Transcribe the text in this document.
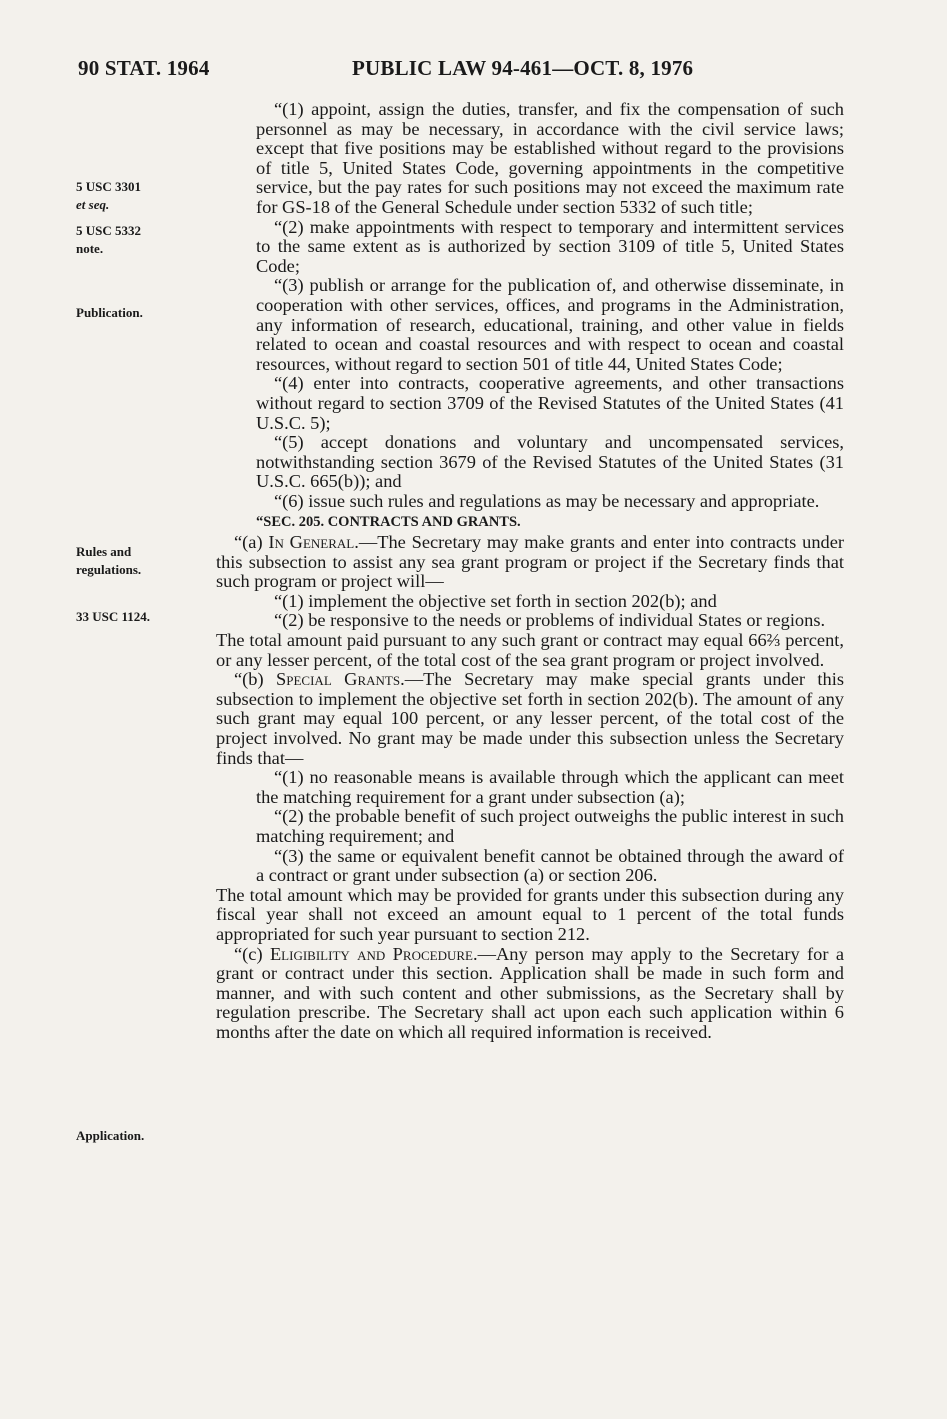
90 STAT. 1964	PUBLIC LAW 94-461—OCT. 8, 1976
5 USC 3301
et seq.
5 USC 5332
note.
Publication.
Rules and
regulations.
33 USC 1124.
Application.

“(1) appoint, assign the duties, transfer, and fix the compensation of such personnel as may be necessary, in accordance with the civil service laws; except that five positions may be established without regard to the provisions of title 5, United States Code, governing appointments in the competitive service, but the pay rates for such positions may not exceed the maximum rate for GS-18 of the General Schedule under section 5332 of such title;

“(2) make appointments with respect to temporary and intermittent services to the same extent as is authorized by section 3109 of title 5, United States Code;

“(3) publish or arrange for the publication of, and otherwise disseminate, in cooperation with other services, offices, and programs in the Administration, any information of research, educational, training, and other value in fields related to ocean and coastal resources and with respect to ocean and coastal resources, without regard to section 501 of title 44, United States Code;

“(4) enter into contracts, cooperative agreements, and other transactions without regard to section 3709 of the Revised Statutes of the United States (41 U.S.C. 5);

“(5) accept donations and voluntary and uncompensated services, notwithstanding section 3679 of the Revised Statutes of the United States (31 U.S.C. 665(b)); and

“(6) issue such rules and regulations as may be necessary and appropriate.

“SEC. 205. CONTRACTS AND GRANTS.

“(a) In General.—The Secretary may make grants and enter into contracts under this subsection to assist any sea grant program or project if the Secretary finds that such program or project will—

“(1) implement the objective set forth in section 202(b); and

“(2) be responsive to the needs or problems of individual States or regions.

The total amount paid pursuant to any such grant or contract may equal 66⅔ percent, or any lesser percent, of the total cost of the sea grant program or project involved.

“(b) Special Grants.—The Secretary may make special grants under this subsection to implement the objective set forth in section 202(b). The amount of any such grant may equal 100 percent, or any lesser percent, of the total cost of the project involved. No grant may be made under this subsection unless the Secretary finds that—

“(1) no reasonable means is available through which the applicant can meet the matching requirement for a grant under subsection (a);

“(2) the probable benefit of such project outweighs the public interest in such matching requirement; and

“(3) the same or equivalent benefit cannot be obtained through the award of a contract or grant under subsection (a) or section 206.

The total amount which may be provided for grants under this subsection during any fiscal year shall not exceed an amount equal to 1 percent of the total funds appropriated for such year pursuant to section 212.

“(c) Eligibility and Procedure.—Any person may apply to the Secretary for a grant or contract under this section. Application shall be made in such form and manner, and with such content and other submissions, as the Secretary shall by regulation prescribe. The Secretary shall act upon each such application within 6 months after the date on which all required information is received.
